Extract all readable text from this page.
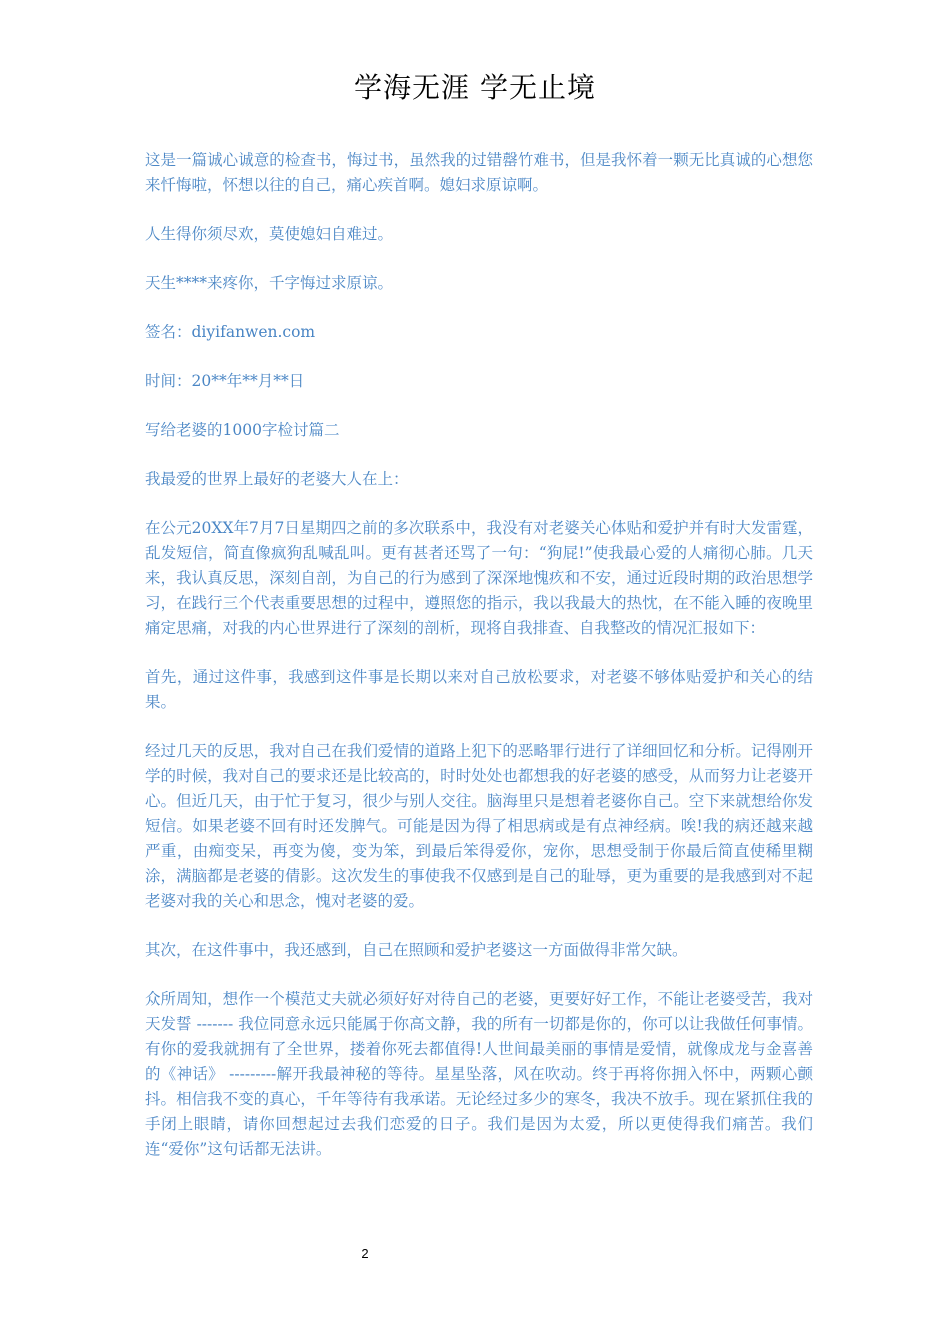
学海无涯 学无止境

这是一篇诚心诚意的检查书，悔过书，虽然我的过错罄竹难书，但是我怀着一颗无比真诚的心想您来忏悔啦，怀想以往的自己，痛心疾首啊。媳妇求原谅啊。

人生得你须尽欢，莫使媳妇自难过。

天生****来疼你，千字悔过求原谅。

签名：diyifanwen.com

时间：20**年**月**日

写给老婆的1000字检讨篇二

我最爱的世界上最好的老婆大人在上：

在公元20XX年7月7日星期四之前的多次联系中，我没有对老婆关心体贴和爱护并有时大发雷霆，乱发短信，简直像疯狗乱喊乱叫。更有甚者还骂了一句：“狗屁!”使我最心爱的人痛彻心肺。几天来，我认真反思，深刻自剖，为自己的行为感到了深深地愧疚和不安，通过近段时期的政治思想学习，在践行三个代表重要思想的过程中，遵照您的指示，我以我最大的热忱，在不能入睡的夜晚里痛定思痛，对我的内心世界进行了深刻的剖析，现将自我排查、自我整改的情况汇报如下：

首先，通过这件事，我感到这件事是长期以来对自己放松要求，对老婆不够体贴爱护和关心的结果。

经过几天的反思，我对自己在我们爱情的道路上犯下的恶略罪行进行了详细回忆和分析。记得刚开学的时候，我对自己的要求还是比较高的，时时处处也都想我的好老婆的感受，从而努力让老婆开心。但近几天，由于忙于复习，很少与别人交往。脑海里只是想着老婆你自己。空下来就想给你发短信。如果老婆不回有时还发脾气。可能是因为得了相思病或是有点神经病。唉!我的病还越来越严重，由痴变呆，再变为傻，变为笨，到最后笨得爱你，宠你，思想受制于你最后简直使稀里糊涂，满脑都是老婆的倩影。这次发生的事使我不仅感到是自己的耻辱，更为重要的是我感到对不起老婆对我的关心和思念，愧对老婆的爱。

其次，在这件事中，我还感到，自己在照顾和爱护老婆这一方面做得非常欠缺。

众所周知，想作一个模范丈夫就必须好好对待自己的老婆，更要好好工作，不能让老婆受苦，我对天发誓 ------- 我位同意永远只能属于你高文静，我的所有一切都是你的，你可以让我做任何事情。有你的爱我就拥有了全世界，搂着你死去都值得!人世间最美丽的事情是爱情，就像成龙与金喜善的《神话》 ---------解开我最神秘的等待。星星坠落，风在吹动。终于再将你拥入怀中，两颗心颤抖。相信我不变的真心，千年等待有我承诺。无论经过多少的寒冬，我决不放手。现在紧抓住我的手闭上眼睛，请你回想起过去我们恋爱的日子。我们是因为太爱，所以更使得我们痛苦。我们连“爱你”这句话都无法讲。

2
